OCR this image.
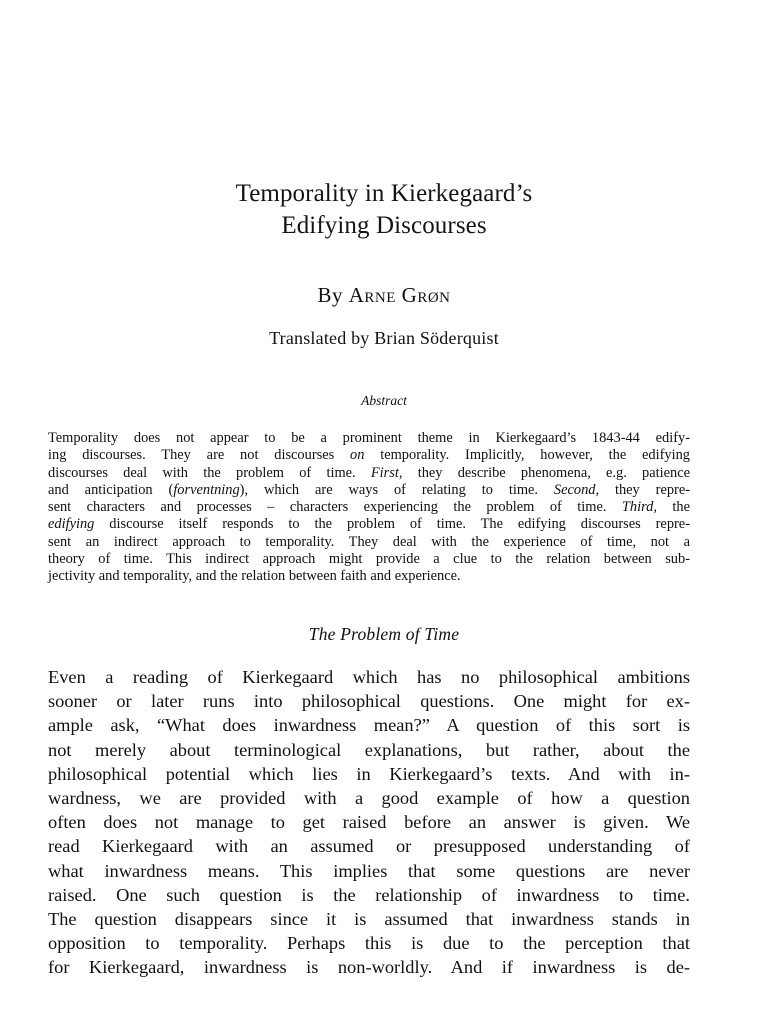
Temporality in Kierkegaard’s
Edifying Discourses
By Arne Grøn
Translated by Brian Söderquist
Abstract
Temporality does not appear to be a prominent theme in Kierkegaard’s 1843-44 edify-
ing discourses. They are not discourses on temporality. Implicitly, however, the edifying
discourses deal with the problem of time. First, they describe phenomena, e.g. patience
and anticipation (forventning), which are ways of relating to time. Second, they repre-
sent characters and processes – characters experiencing the problem of time. Third, the
edifying discourse itself responds to the problem of time. The edifying discourses repre-
sent an indirect approach to temporality. They deal with the experience of time, not a
theory of time. This indirect approach might provide a clue to the relation between sub-
jectivity and temporality, and the relation between faith and experience.
The Problem of Time
Even a reading of Kierkegaard which has no philosophical ambitions
sooner or later runs into philosophical questions. One might for ex-
ample ask, “What does inwardness mean?” A question of this sort is
not merely about terminological explanations, but rather, about the
philosophical potential which lies in Kierkegaard’s texts. And with in-
wardness, we are provided with a good example of how a question
often does not manage to get raised before an answer is given. We
read Kierkegaard with an assumed or presupposed understanding of
what inwardness means. This implies that some questions are never
raised. One such question is the relationship of inwardness to time.
The question disappears since it is assumed that inwardness stands in
opposition to temporality. Perhaps this is due to the perception that
for Kierkegaard, inwardness is non-worldly. And if inwardness is de-
